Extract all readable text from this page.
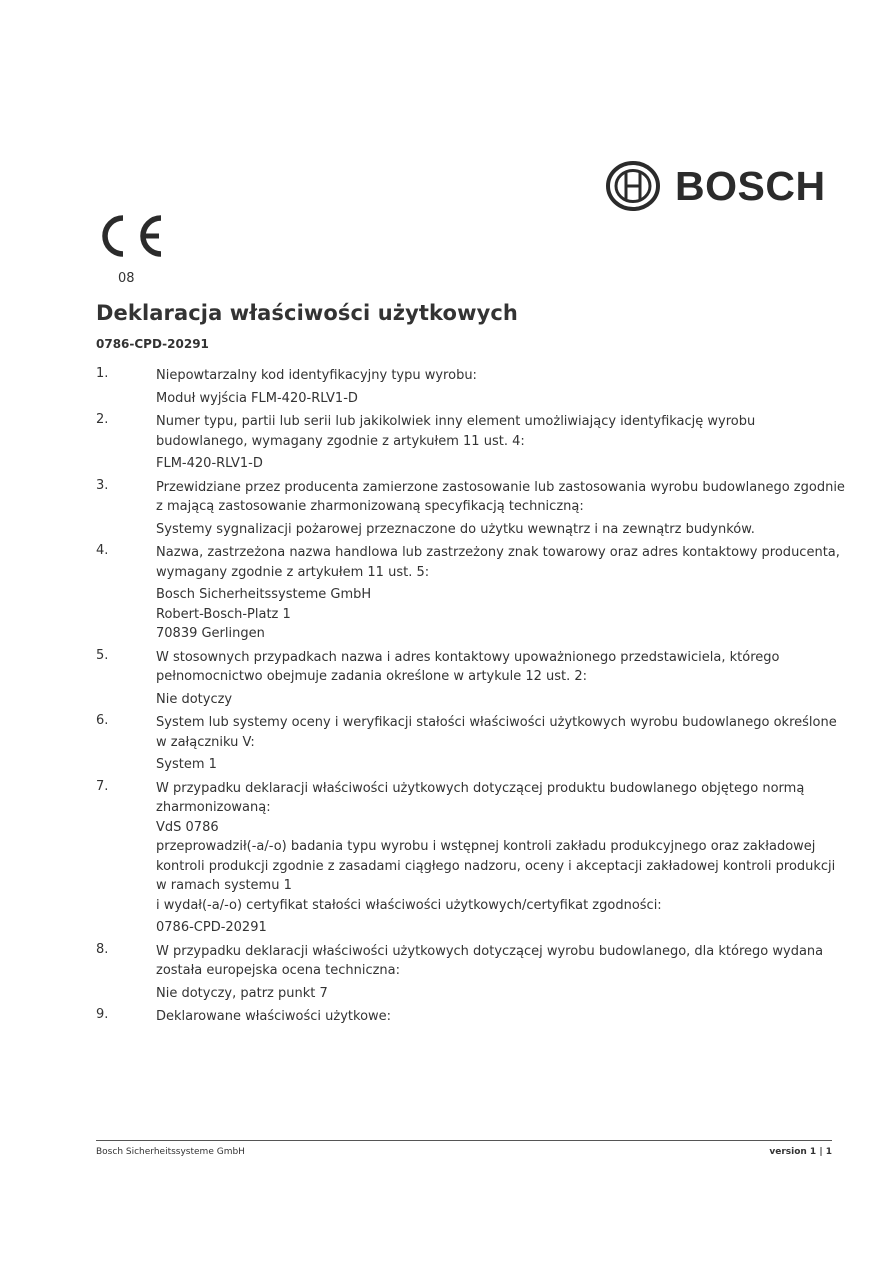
BOSCH
08
Deklaracja właściwości użytkowych
0786-CPD-20291
1.	Niepowtarzalny kod identyfikacyjny typu wyrobu:
Moduł wyjścia FLM-420-RLV1-D
2.	Numer typu, partii lub serii lub jakikolwiek inny element umożliwiający identyfikację wyrobu
budowlanego, wymagany zgodnie z artykułem 11 ust. 4:
FLM-420-RLV1-D
3.	Przewidziane przez producenta zamierzone zastosowanie lub zastosowania wyrobu budowlanego zgodnie
z mającą zastosowanie zharmonizowaną specyfikacją techniczną:
Systemy sygnalizacji pożarowej przeznaczone do użytku wewnątrz i na zewnątrz budynków.
4.	Nazwa, zastrzeżona nazwa handlowa lub zastrzeżony znak towarowy oraz adres kontaktowy producenta,
wymagany zgodnie z artykułem 11 ust. 5:
Bosch Sicherheitssysteme GmbH
Robert-Bosch-Platz 1
70839 Gerlingen
5.	W stosownych przypadkach nazwa i adres kontaktowy upoważnionego przedstawiciela, którego
pełnomocnictwo obejmuje zadania określone w artykule 12 ust. 2:
Nie dotyczy
6.	System lub systemy oceny i weryfikacji stałości właściwości użytkowych wyrobu budowlanego określone
w załączniku V:
System 1
7.	W przypadku deklaracji właściwości użytkowych dotyczącej produktu budowlanego objętego normą
zharmonizowaną:
VdS 0786
przeprowadził(-a/-o) badania typu wyrobu i wstępnej kontroli zakładu produkcyjnego oraz zakładowej
kontroli produkcji zgodnie z zasadami ciągłego nadzoru, oceny i akceptacji zakładowej kontroli produkcji
w ramach systemu 1
i wydał(-a/-o) certyfikat stałości właściwości użytkowych/certyfikat zgodności:
0786-CPD-20291
8.	W przypadku deklaracji właściwości użytkowych dotyczącej wyrobu budowlanego, dla którego wydana
została europejska ocena techniczna:
Nie dotyczy, patrz punkt 7
9.	Deklarowane właściwości użytkowe:
Bosch Sicherheitssysteme GmbH	version 1 | 1
